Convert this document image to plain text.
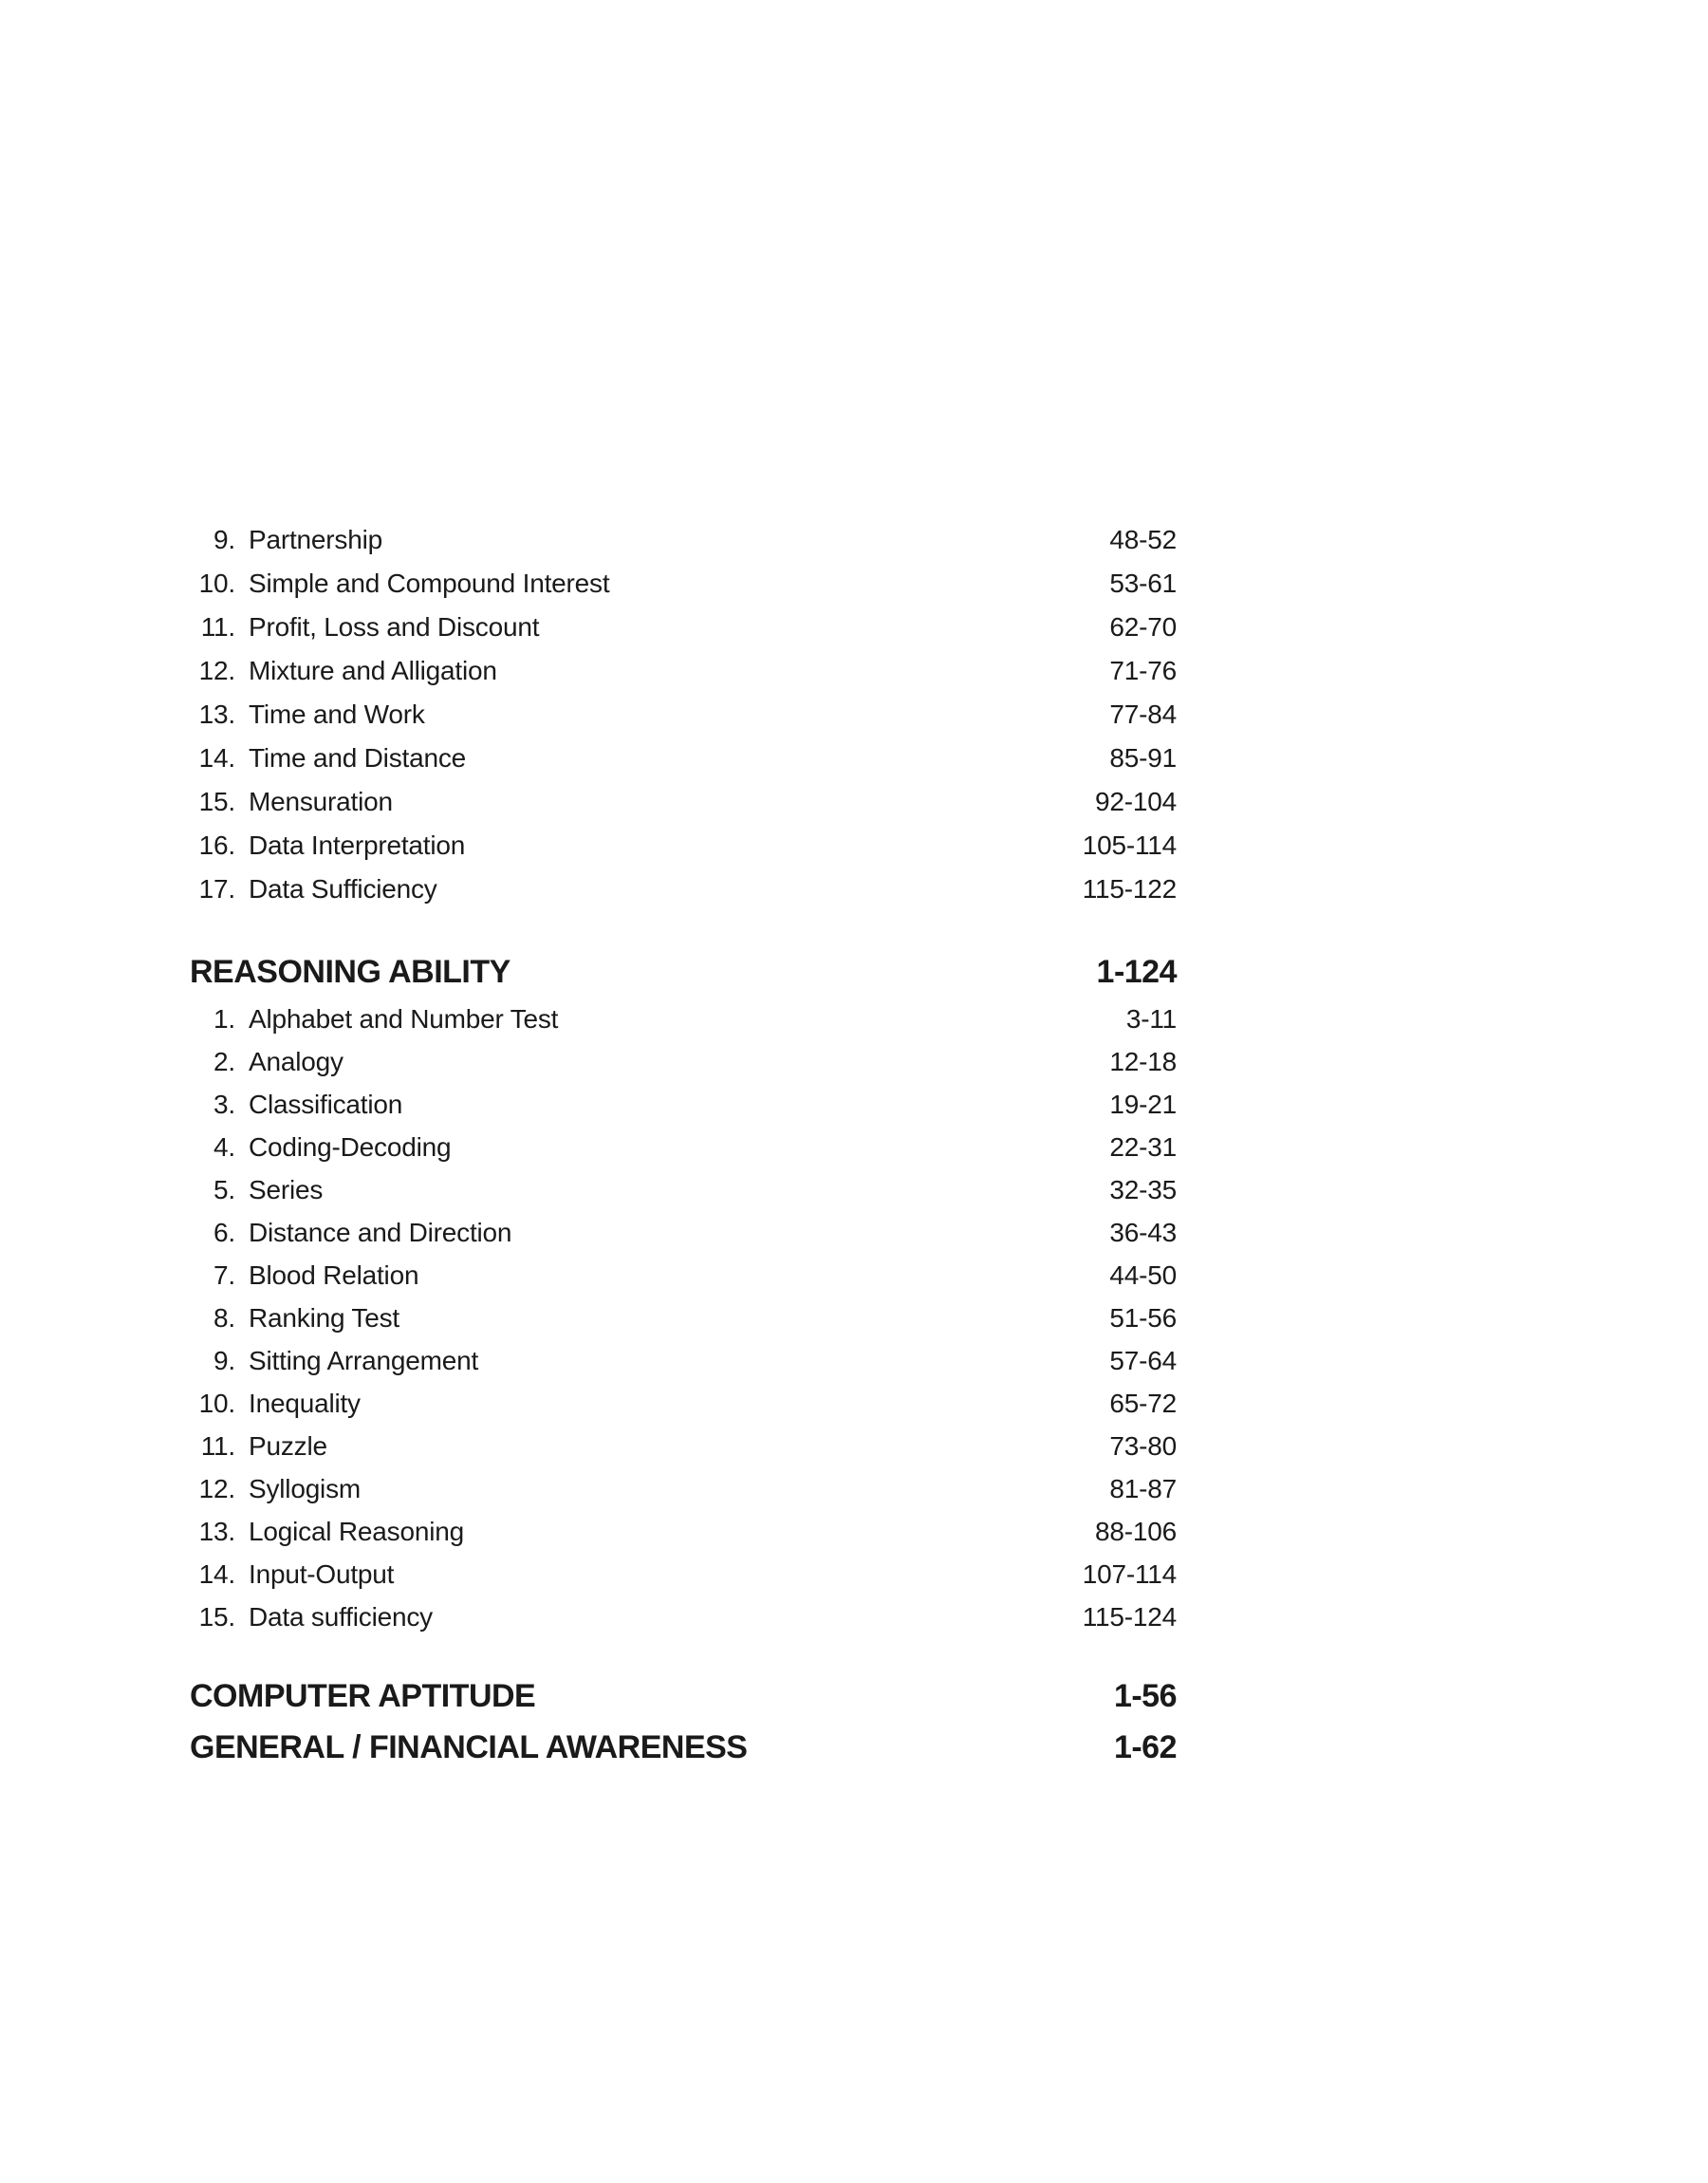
9. Partnership	48-52
10. Simple and Compound Interest	53-61
11. Profit, Loss and Discount	62-70
12. Mixture and Alligation	71-76
13. Time and Work	77-84
14. Time and Distance	85-91
15. Mensuration	92-104
16. Data Interpretation	105-114
17. Data Sufficiency	115-122
REASONING ABILITY	1-124
1. Alphabet and Number Test	3-11
2. Analogy	12-18
3. Classification	19-21
4. Coding-Decoding	22-31
5. Series	32-35
6. Distance and Direction	36-43
7. Blood Relation	44-50
8. Ranking Test	51-56
9. Sitting Arrangement	57-64
10. Inequality	65-72
11. Puzzle	73-80
12. Syllogism	81-87
13. Logical Reasoning	88-106
14. Input-Output	107-114
15. Data sufficiency	115-124
COMPUTER APTITUDE	1-56
GENERAL / FINANCIAL AWARENESS	1-62
